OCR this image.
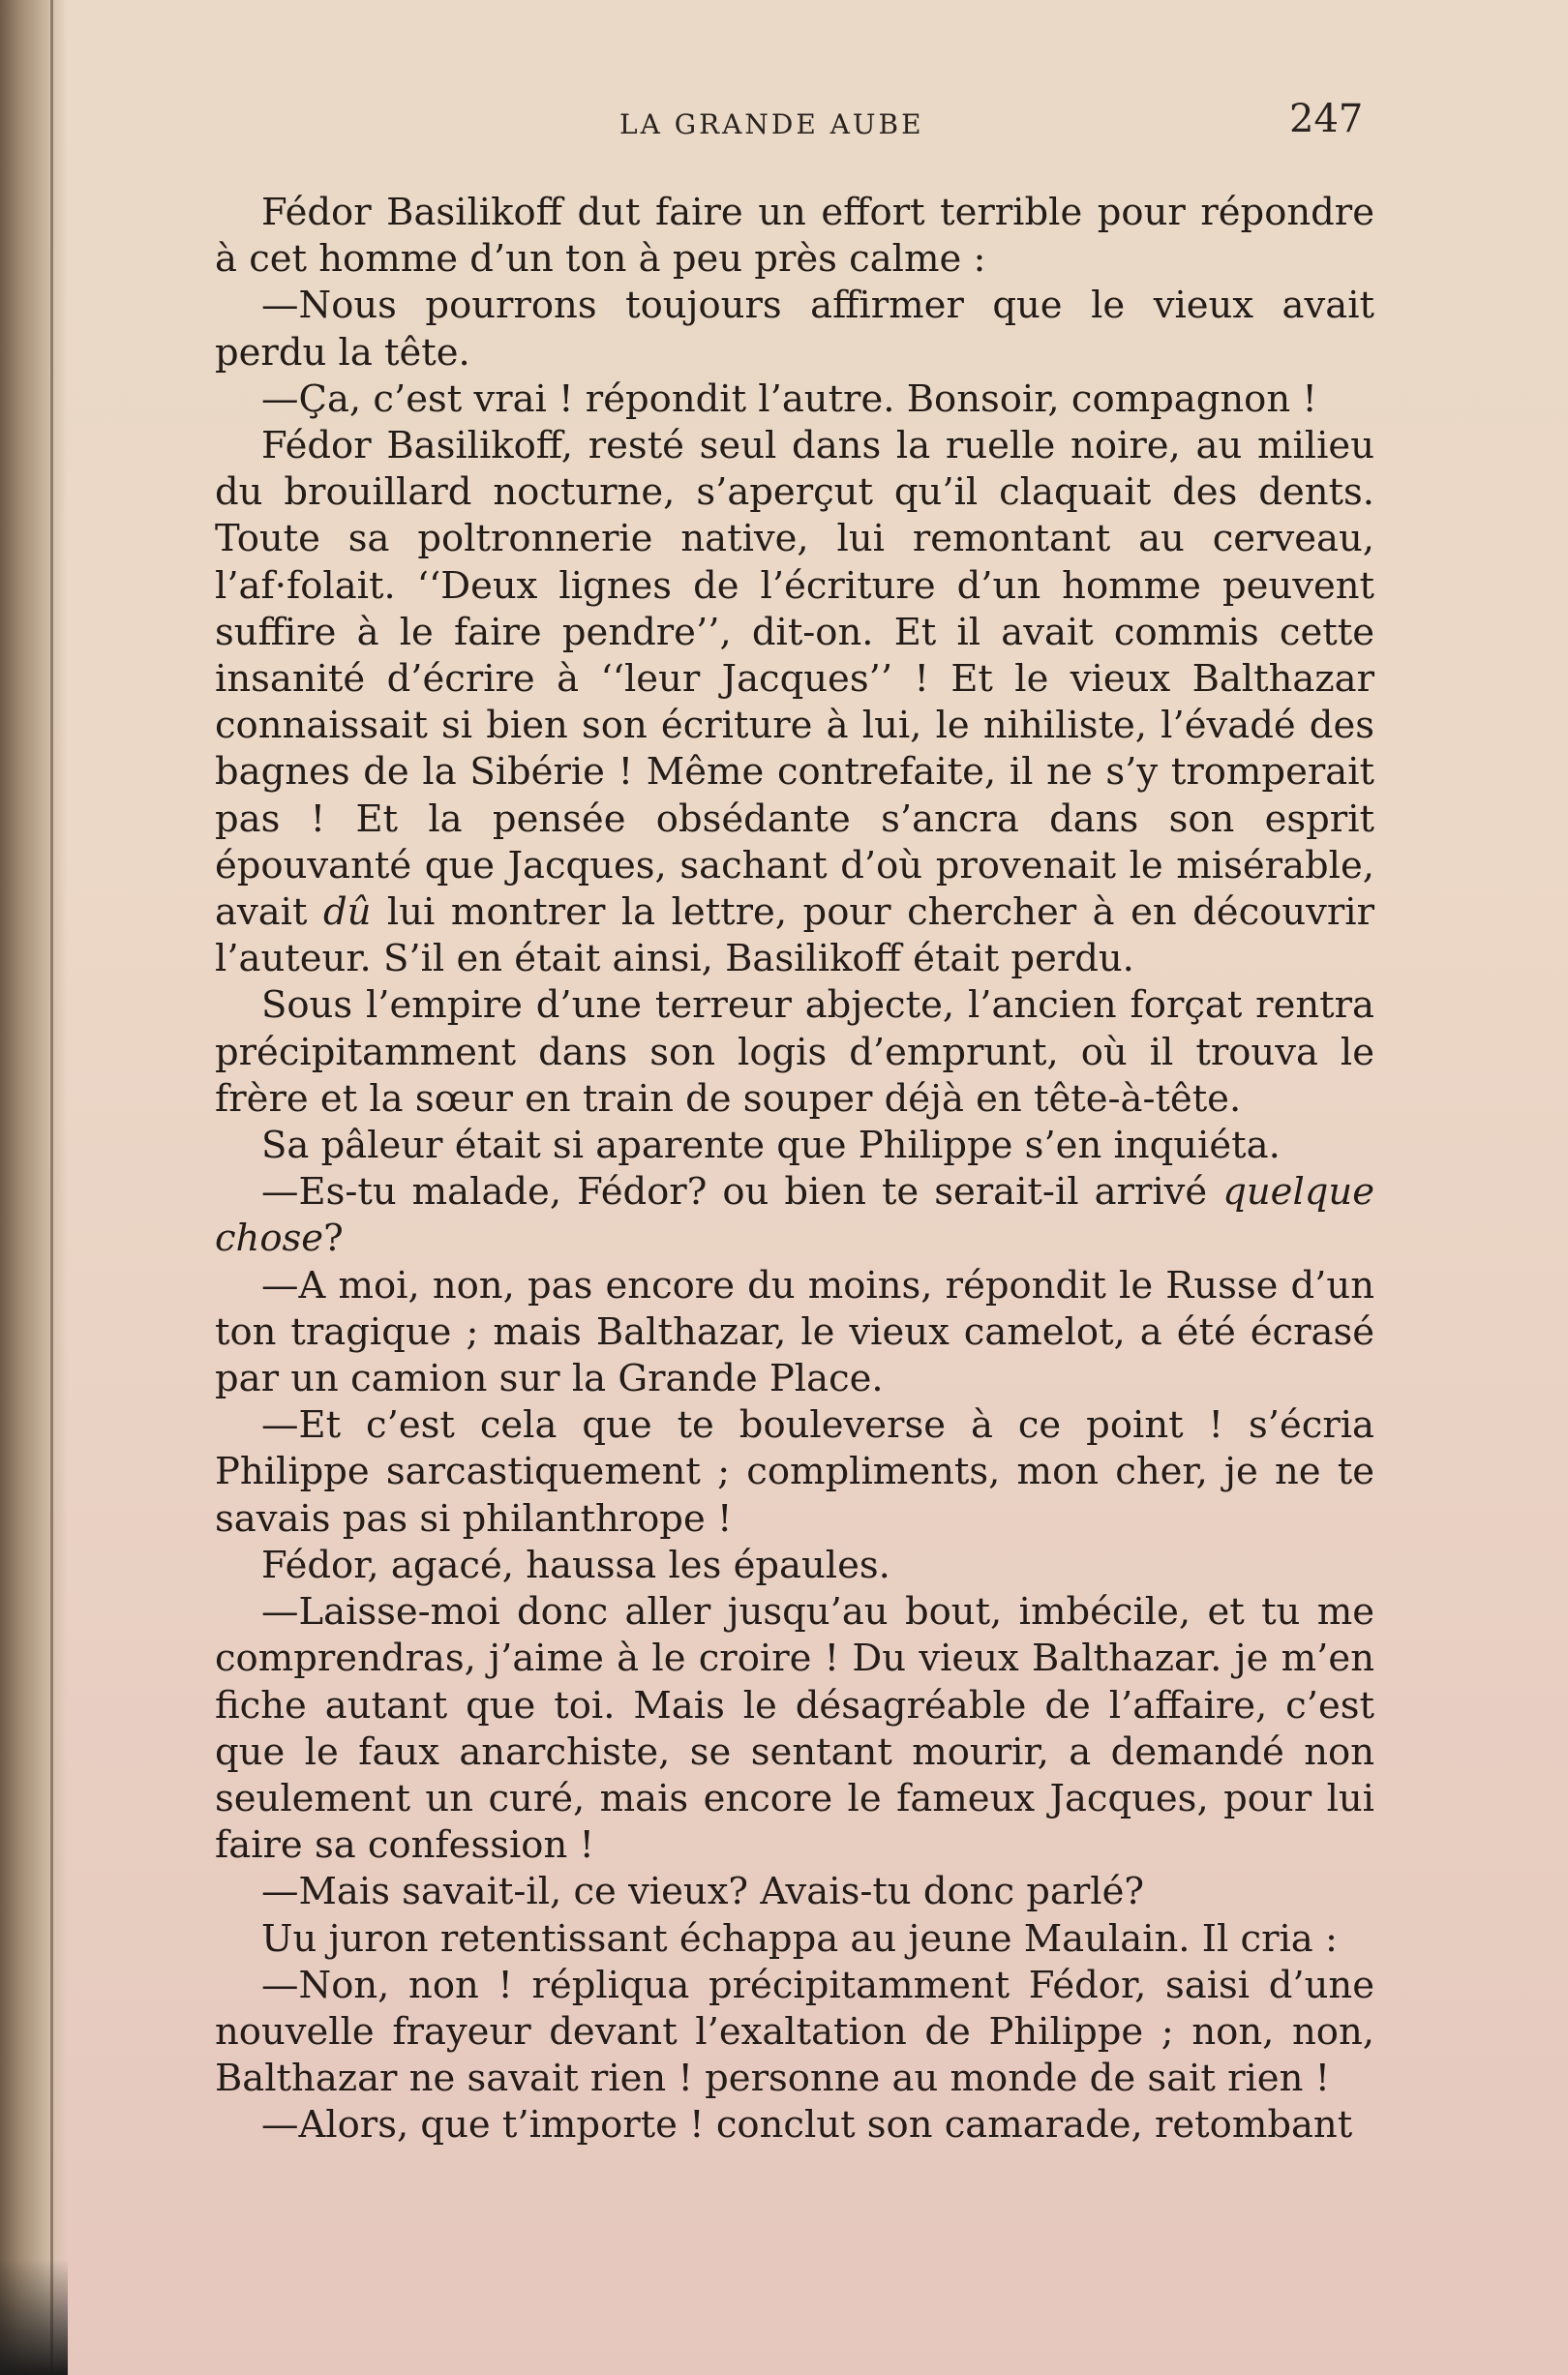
LA GRANDE AUBE	247

Fédor Basilikoff dut faire un effort terrible pour répondre à cet homme d’un ton à peu près calme :

—Nous pourrons toujours affirmer que le vieux avait perdu la tête.

—Ça, c’est vrai ! répondit l’autre. Bonsoir, compagnon !

Fédor Basilikoff, resté seul dans la ruelle noire, au milieu du brouillard nocturne, s’aperçut qu’il claquait des dents. Toute sa poltronnerie native, lui remontant au cerveau, l’af·folait. ‘‘Deux lignes de l’écriture d’un homme peuvent suffire à le faire pendre’’, dit-on. Et il avait commis cette insanité d’écrire à ‘‘leur Jacques’’ ! Et le vieux Balthazar connaissait si bien son écriture à lui, le nihiliste, l’évadé des bagnes de la Sibérie ! Même contrefaite, il ne s’y tromperait pas ! Et la pensée obsédante s’ancra dans son esprit épouvanté que Jacques, sachant d’où provenait le misérable, avait dû lui montrer la lettre, pour chercher à en découvrir l’auteur. S’il en était ainsi, Basilikoff était perdu.

Sous l’empire d’une terreur abjecte, l’ancien forçat rentra précipitamment dans son logis d’emprunt, où il trouva le frère et la sœur en train de souper déjà en tête-à-tête.

Sa pâleur était si aparente que Philippe s’en inquiéta.

—Es-tu malade, Fédor? ou bien te serait-il arrivé quelque chose?

—A moi, non, pas encore du moins, répondit le Russe d’un ton tragique ; mais Balthazar, le vieux camelot, a été écrasé par un camion sur la Grande Place.

—Et c’est cela que te bouleverse à ce point ! s’écria Philippe sarcastiquement ; compliments, mon cher, je ne te savais pas si philanthrope !

Fédor, agacé, haussa les épaules.

—Laisse-moi donc aller jusqu’au bout, imbécile, et tu me comprendras, j’aime à le croire ! Du vieux Balthazar. je m’en fiche autant que toi. Mais le désagréable de l’affaire, c’est que le faux anarchiste, se sentant mourir, a demandé non seulement un curé, mais encore le fameux Jacques, pour lui faire sa confession !

—Mais savait-il, ce vieux? Avais-tu donc parlé?

Uu juron retentissant échappa au jeune Maulain. Il cria :

—Non, non ! répliqua précipitamment Fédor, saisi d’une nouvelle frayeur devant l’exaltation de Philippe ; non, non, Balthazar ne savait rien ! personne au monde de sait rien !

—Alors, que t’importe ! conclut son camarade, retombant
